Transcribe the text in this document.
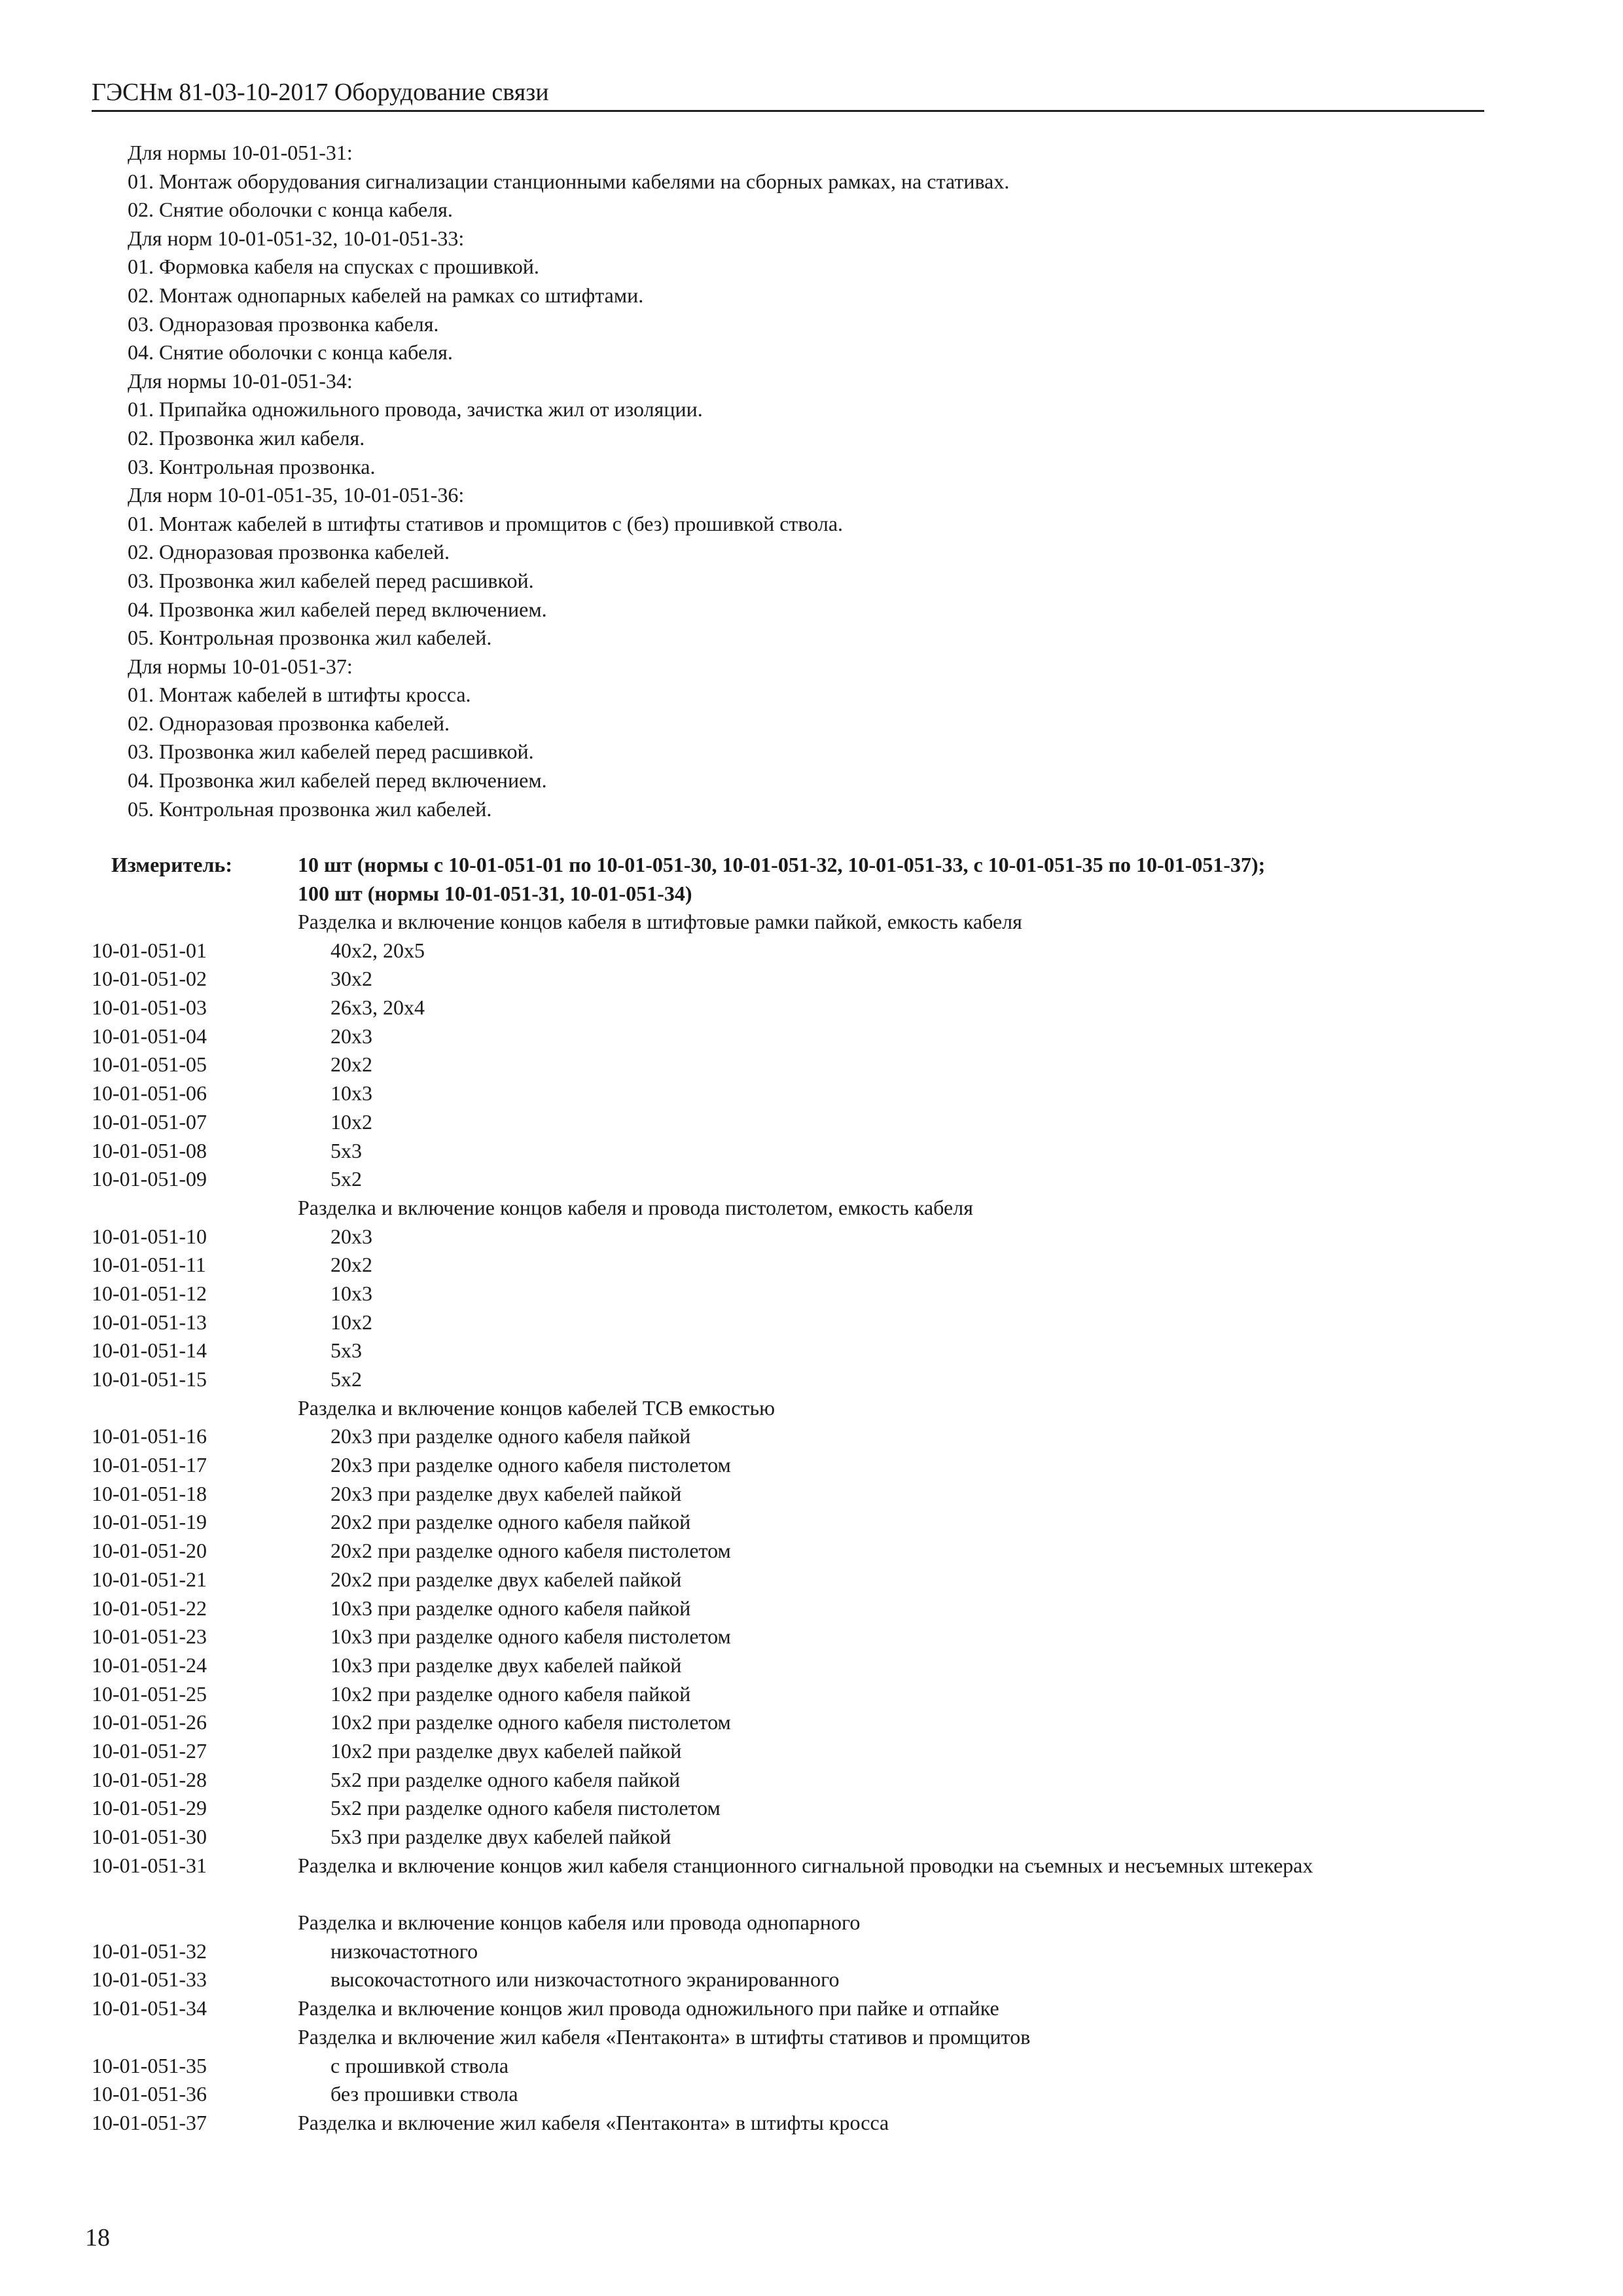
ГЭСНм 81-03-10-2017 Оборудование связи
Для нормы 10-01-051-31:
01. Монтаж оборудования сигнализации станционными кабелями на сборных рамках, на стативах.
02. Снятие оболочки с конца кабеля.
Для норм 10-01-051-32, 10-01-051-33:
01. Формовка кабеля на спусках с прошивкой.
02. Монтаж однопарных кабелей на рамках со штифтами.
03. Одноразовая прозвонка кабеля.
04. Снятие оболочки с конца кабеля.
Для нормы 10-01-051-34:
01. Припайка одножильного провода, зачистка жил от изоляции.
02. Прозвонка жил кабеля.
03. Контрольная прозвонка.
Для норм 10-01-051-35, 10-01-051-36:
01. Монтаж кабелей в штифты стативов и промщитов с (без) прошивкой ствола.
02. Одноразовая прозвонка кабелей.
03. Прозвонка жил кабелей перед расшивкой.
04. Прозвонка жил кабелей перед включением.
05. Контрольная прозвонка жил кабелей.
Для нормы 10-01-051-37:
01. Монтаж кабелей в штифты кросса.
02. Одноразовая прозвонка кабелей.
03. Прозвонка жил кабелей перед расшивкой.
04. Прозвонка жил кабелей перед включением.
05. Контрольная прозвонка жил кабелей.
Измеритель:	10 шт (нормы с 10-01-051-01 по 10-01-051-30, 10-01-051-32, 10-01-051-33, с 10-01-051-35 по 10-01-051-37);
100 шт (нормы 10-01-051-31, 10-01-051-34)
Разделка и включение концов кабеля в штифтовые рамки пайкой, емкость кабеля
10-01-051-01	40x2, 20x5
10-01-051-02	30x2
10-01-051-03	26x3, 20x4
10-01-051-04	20x3
10-01-051-05	20x2
10-01-051-06	10x3
10-01-051-07	10x2
10-01-051-08	5x3
10-01-051-09	5x2
Разделка и включение концов кабеля и провода пистолетом, емкость кабеля
10-01-051-10	20x3
10-01-051-11	20x2
10-01-051-12	10x3
10-01-051-13	10x2
10-01-051-14	5x3
10-01-051-15	5x2
Разделка и включение концов кабелей ТСВ емкостью
10-01-051-16	20x3 при разделке одного кабеля пайкой
10-01-051-17	20x3 при разделке одного кабеля пистолетом
10-01-051-18	20x3 при разделке двух кабелей пайкой
10-01-051-19	20x2 при разделке одного кабеля пайкой
10-01-051-20	20x2 при разделке одного кабеля пистолетом
10-01-051-21	20x2 при разделке двух кабелей пайкой
10-01-051-22	10x3 при разделке одного кабеля пайкой
10-01-051-23	10x3 при разделке одного кабеля пистолетом
10-01-051-24	10x3 при разделке двух кабелей пайкой
10-01-051-25	10x2 при разделке одного кабеля пайкой
10-01-051-26	10x2 при разделке одного кабеля пистолетом
10-01-051-27	10x2 при разделке двух кабелей пайкой
10-01-051-28	5x2 при разделке одного кабеля пайкой
10-01-051-29	5x2 при разделке одного кабеля пистолетом
10-01-051-30	5x3 при разделке двух кабелей пайкой
10-01-051-31	Разделка и включение концов жил кабеля станционного сигнальной проводки на съемных и несъемных штекерах
Разделка и включение концов кабеля или провода однопарного
10-01-051-32	низкочастотного
10-01-051-33	высокочастотного или низкочастотного экранированного
10-01-051-34	Разделка и включение концов жил провода одножильного при пайке и отпайке
Разделка и включение жил кабеля «Пентаконта» в штифты стативов и промщитов
10-01-051-35	с прошивкой ствола
10-01-051-36	без прошивки ствола
10-01-051-37	Разделка и включение жил кабеля «Пентаконта» в штифты кросса
18
